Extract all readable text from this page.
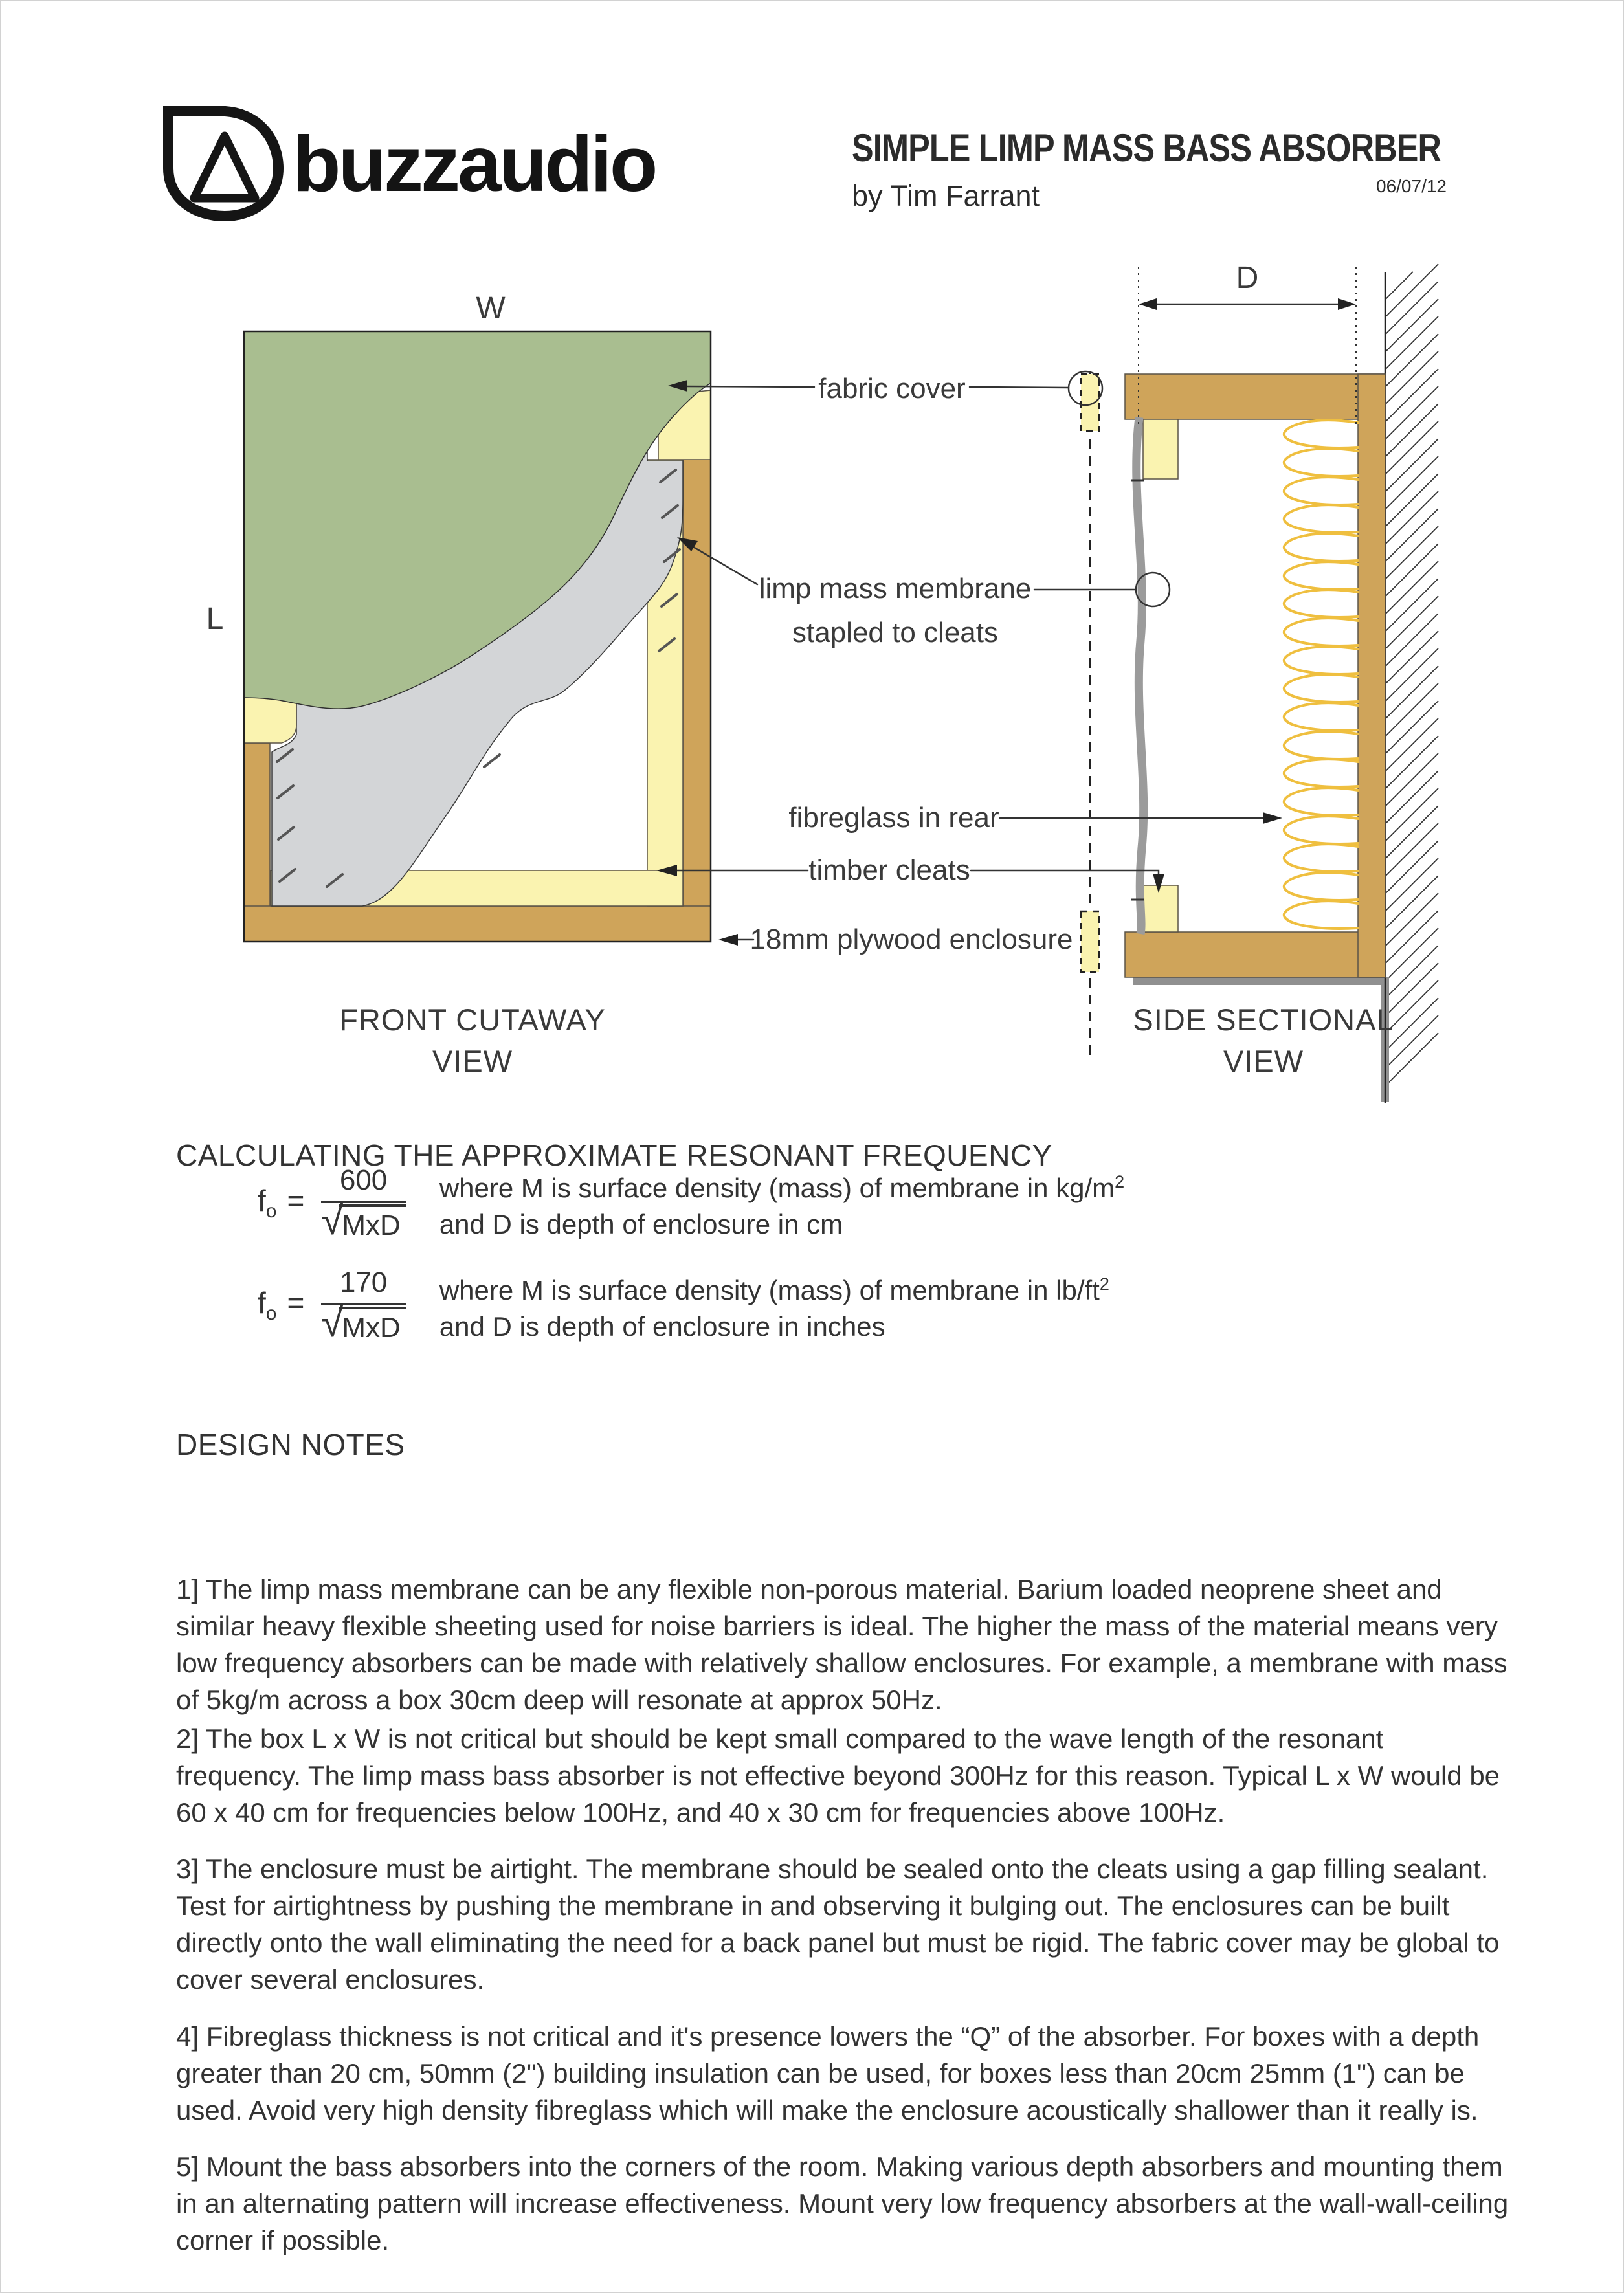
buzzaudio	SIMPLE LIMP MASS BASS ABSORBER
by Tim Farrant	06/07/12
W
L
FRONT CUTAWAY
VIEW
D
SIDE SECTIONAL
VIEW
fabric cover
limp mass membrane
stapled to cleats
fibreglass in rear
timber cleats
18mm plywood enclosure
CALCULATING THE APPROXIMATE RESONANT FREQUENCY
$f_o = 600$
√
MxD where M is surface density (mass) of membrane in $kg/m^2$
and D is depth of enclosure in cm
$f_o = 170$
√
MxD where M is surface density (mass) of membrane in $lb/ft^2$
and D is depth of enclosure in inches
DESIGN NOTES

1] The limp mass membrane can be any flexible non-porous material. Barium loaded neoprene sheet and similar heavy flexible sheeting used for noise barriers is ideal. The higher the mass of the material means very low frequency absorbers can be made with relatively shallow enclosures. For example, a membrane with mass of 5kg/m across a box 30cm deep will resonate at approx 50Hz.

2] The box L x W is not critical but should be kept small compared to the wave length of the resonant frequency. The limp mass bass absorber is not effective beyond 300Hz for this reason. Typical L x W would be 60 x 40 cm for frequencies below 100Hz, and 40 x 30 cm for frequencies above 100Hz.

3] The enclosure must be airtight. The membrane should be sealed onto the cleats using a gap filling sealant. Test for airtightness by pushing the membrane in and observing it bulging out. The enclosures can be built directly onto the wall eliminating the need for a back panel but must be rigid. The fabric cover may be global to cover several enclosures.

4] Fibreglass thickness is not critical and it's presence lowers the “Q” of the absorber. For boxes with a depth greater than 20 cm, 50mm (2") building insulation can be used, for boxes less than 20cm 25mm (1") can be used. Avoid very high density fibreglass which will make the enclosure acoustically shallower than it really is.

5] Mount the bass absorbers into the corners of the room. Making various depth absorbers and mounting them in an alternating pattern will increase effectiveness. Mount very low frequency absorbers at the wall-wall-ceiling corner if possible.
